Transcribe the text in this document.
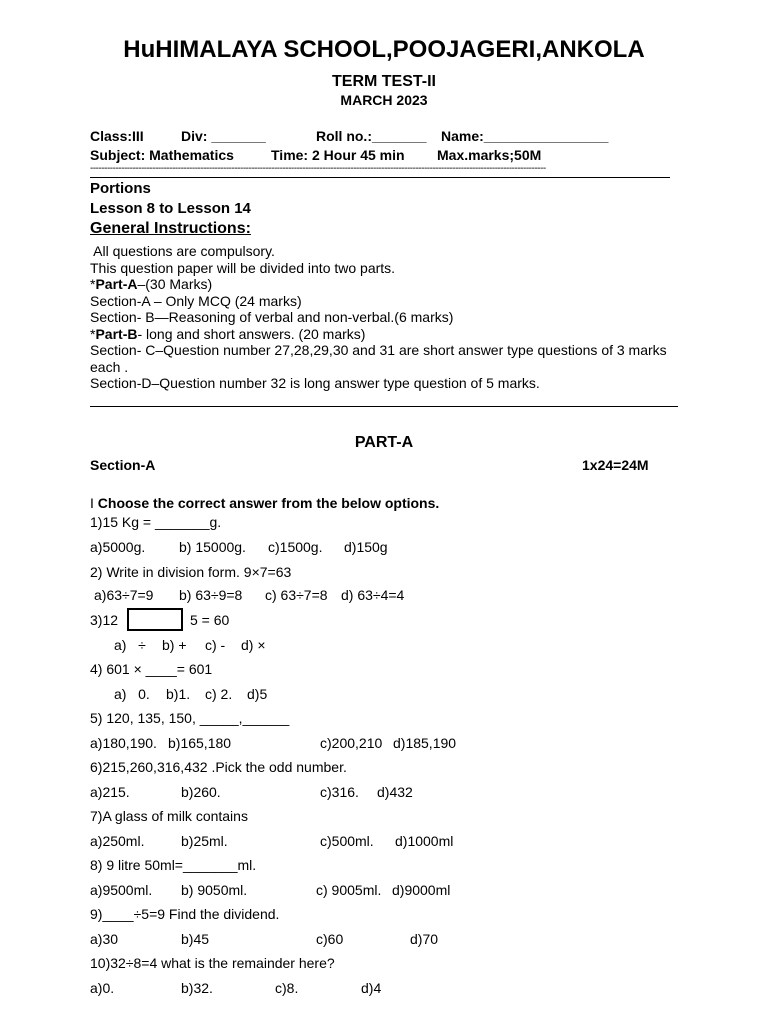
HuHIMALAYA SCHOOL,POOJAGERI,ANKOLA
TERM TEST-II
MARCH 2023
Class:III	Div: _______	Roll no.:_______ Name:________________
Subject: Mathematics	Time: 2 Hour 45 min Max.marks;50M
-----------------------------------------------------------------------------------------------------------------------------------------------------------------
Portions
Lesson 8 to Lesson 14
General Instructions:

All questions are compulsory.

This question paper will be divided into two parts.

*Part-A–(30 Marks)

Section-A – Only MCQ (24 marks)

Section- B—Reasoning of verbal and non-verbal.(6 marks)

*Part-B- long and short answers. (20 marks)

Section- C–Question number 27,28,29,30 and 31 are short answer type questions of 3 marks each .

Section-D–Question number 32 is long answer type question of 5 marks.

PART-A
Section-A	1x24=24M
I Choose the correct answer from the below options.
1)15 Kg = _______g.
a)5000g. b) 15000g. c)1500g. d)150g
2) Write in division form. 9×7=63
a)63÷7=9 b) 63÷9=8 c) 63÷7=8 d) 63÷4=4
3)12	5 = 60
a)   ÷ b) + c) - d) ×
4) 601 × ____= 601
a)   0. b)1. c) 2. d)5
5) 120, 135, 150, _____,______
a)180,190. b)165,180	c)200,210 d)185,190
6)215,260,316,432 .Pick the odd number.
a)215.	b)260.	c)316. d)432
7)A glass of milk contains
a)250ml.	b)25ml.	c)500ml. d)1000ml
8) 9 litre 50ml=_______ml.
a)9500ml. b) 9050ml.	c) 9005ml. d)9000ml
9)____÷5=9 Find the dividend.
a)30	b)45	c)60	d)70
10)32÷8=4 what is the remainder here?
a)0.	b)32.	c)8.	d)4
